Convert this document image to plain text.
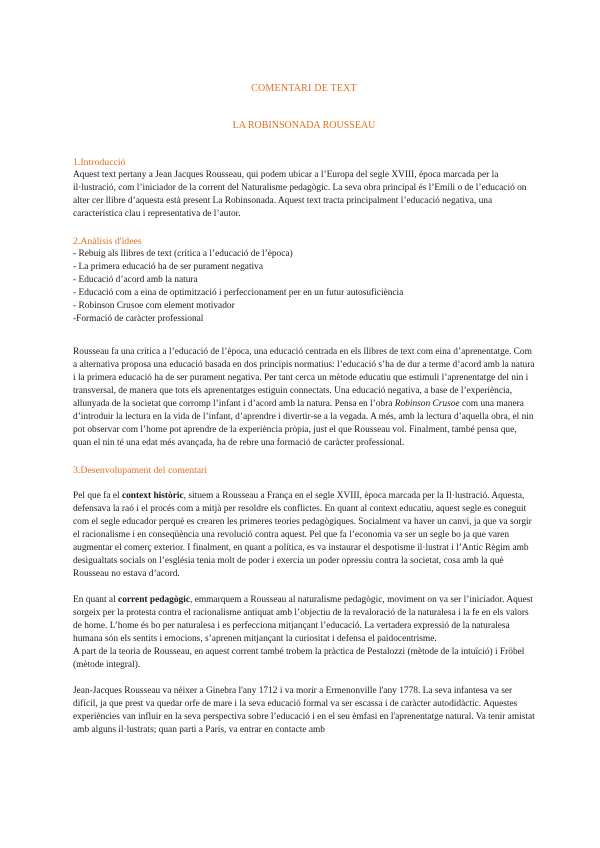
COMENTARI DE TEXT
LA ROBINSONADA ROUSSEAU
1.Introducció

Aquest text pertany a Jean Jacques Rousseau, qui podem ubicar a l’Europa del segle XVIII, època marcada per la il·lustració, com l’iniciador de la corrent del Naturalisme pedagògic. La seva obra principal és l’Emili o de l’educació on alter cer llibre d’aquesta està present La Robinsonada. Aquest text tracta principalment l’educació negativa, una característica clau i representativa de l’autor.

2.Anàlisis d'idees
- Rebuig als llibres de text (crítica a l’educació de l’època)
- La primera educació ha de ser purament negativa
- Educació d’acord amb la natura
- Educació com a eina de optimització i perfeccionament per en un futur autosuficiència
- Robinson Crusoe com element motivador
-Formació de caràcter professional

Rousseau fa una crítica a l’educació de l’època, una educació centrada en els llibres de text com eina d’aprenentatge. Com a alternativa proposa una educació basada en dos principis normatius: l’educació s’ha de dur a terme d’acord amb la natura i la primera educació ha de ser purament negativa. Per tant cerca un mètode educatiu que estimuli l’aprenentatge del nin i transversal, de manera que tots els aprenentatges estiguin connectats. Una educació negativa, a base de l’experiència, allunyada de la societat que corromp l’infant i d’acord amb la natura. Pensa en l’obra Robinson Crusoe com una manera d’introduir la lectura en la vida de l’infant, d’aprendre i divertir-se a la vegada. A més, amb la lectura d’aquella obra, el nin pot observar com l’home pot aprendre de la experiència pròpia, just el que Rousseau vol. Finalment, també pensa que, quan el nin té una edat més avançada, ha de rebre una formació de caràcter professional.

3.Desenvolupament del comentari

Pel que fa el context històric, situem a Rousseau a França en el segle XVIII, època marcada per la Il·lustració. Aquesta, defensava la raó i el procés com a mitjà per resoldre els conflictes. En quant al context educatiu, aquest segle es coneguit com el segle educador perquè es crearen les primeres teories pedagògiques. Socialment va haver un canvi, ja que va sorgir el racionalisme i en conseqüència una revolució contra aquest. Pel que fa l’economia va ser un segle bo ja que varen augmentar el comerç exterior. I finalment, en quant a política, es va instaurar el despotisme il·lustrat i l’Antic Règim amb desigualtats socials on l’església tenia molt de poder i exercia un poder opressiu contra la societat, cosa amb la què Rousseau no estava d’acord.

En quant al corrent pedagògic, emmarquem a Rousseau al naturalisme pedagògic, moviment on va ser l’iniciador. Aquest sorgeix per la protesta contra el racionalisme antiquat amb l’objectiu de la revaloració de la naturalesa i la fe en els valors de home. L’home és bo per naturalesa i es perfecciona mitjançant l’educació. La vertadera expressió de la naturalesa humana són els sentits i emocions, s’aprenen mitjançant la curiositat i defensa el paidocentrisme.

A part de la teoria de Rousseau, en aquest corrent també trobem la pràctica de Pestalozzi (mètode de la intuïció) i Fröbel (mètode integral).

Jean-Jacques Rousseau va néixer a Ginebra l'any 1712 i va morir a Ermenonville l'any 1778. La seva infantesa va ser difícil, ja que prest va quedar orfe de mare i la seva educació formal va ser escassa i de caràcter autodidàctic. Aquestes experiències van influir en la seva perspectiva sobre l’educació i en el seu èmfasi en l'aprenentatge natural. Va tenir amistat amb alguns il·lustrats; quan parti a París, va entrar en contacte amb
